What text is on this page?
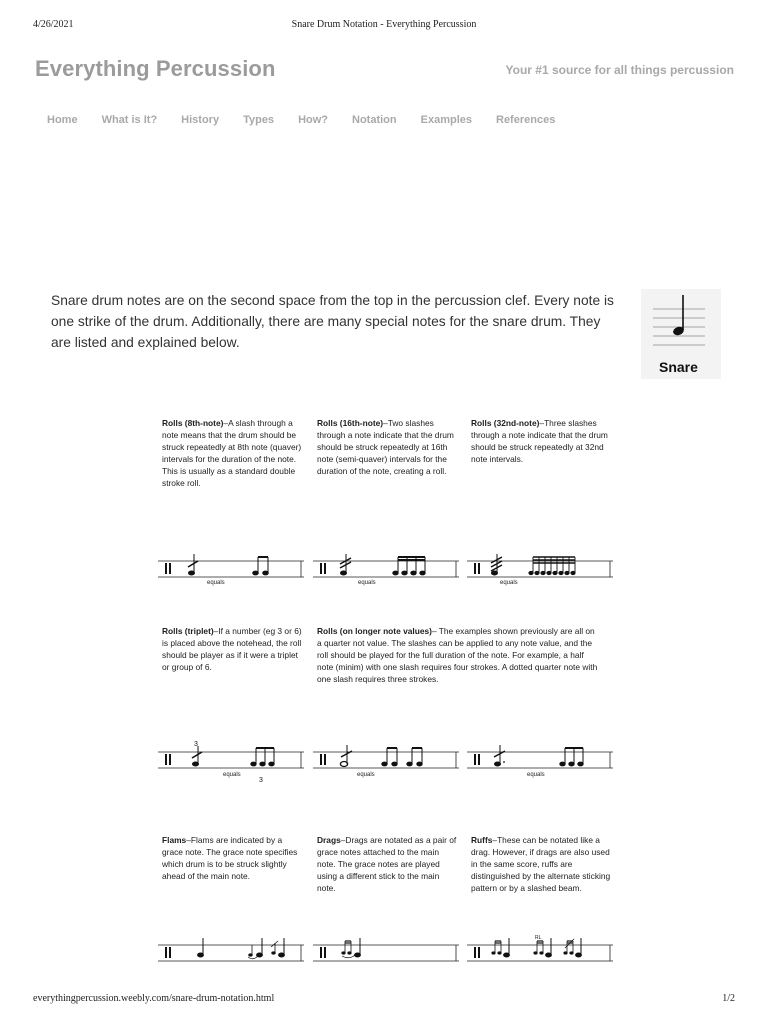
4/26/2021	Snare Drum Notation - Everything Percussion
Everything Percussion	Your #1 source for all things percussion
Home	What is It?	History	Types	How?	Notation	Examples	References

Snare drum notes are on the second space from the top in the percussion clef. Every note is one strike of the drum. Additionally, there are many special notes for the snare drum. They are listed and explained below.

Snare
Rolls (8th-note)–A slash through a note means that the drum should be struck repeatedly at 8th note (quaver) intervals for the duration of the note. This is usually as a standard double stroke roll.
Rolls (16th-note)–Two slashes through a note indicate that the drum should be struck repeatedly at 16th note (semi-quaver) intervals for the duration of the note, creating a roll.
Rolls (32nd-note)–Three slashes through a note indicate that the drum should be struck repeatedly at 32nd note intervals.
equals	equals	equals
Rolls (triplet)–If a number (eg 3 or 6) is placed above the notehead, the roll should be player as if it were a triplet or group of 6.
Rolls (on longer note values)– The examples shown previously are all on a quarter not value. The slashes can be applied to any note value, and the roll should be played for the full duration of the note. For example, a half note (minim) with one slash requires four strokes. A dotted quarter note with one slash requires three strokes.
3
equals
3
equals	equals
Flams–Flams are indicated by a grace note. The grace note specifies which drum is to be struck slightly ahead of the main note.
Drags–Drags are notated as a pair of grace notes attached to the main note. The grace notes are played using a different stick to the main note.
Ruffs–These can be notated like a drag. However, if drags are also used in the same score, ruffs are distinguished by the alternate sticking pattern or by a slashed beam.
RL
everythingpercussion.weebly.com/snare-drum-notation.html	1/2
